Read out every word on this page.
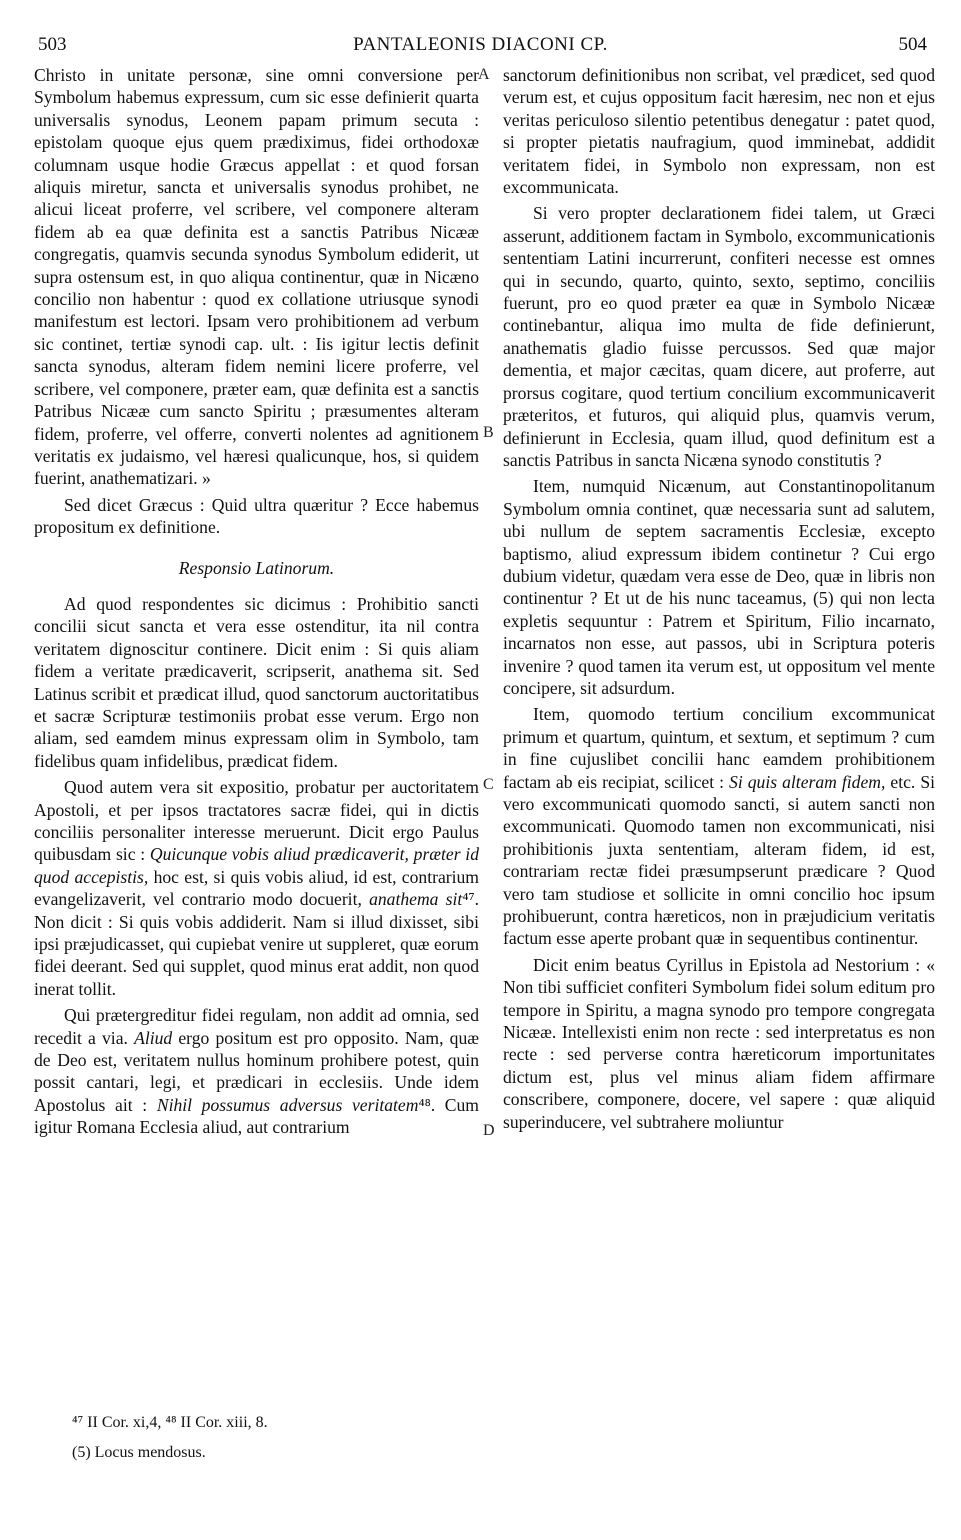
503	PANTALEONIS DIACONI CP.	504
A
B
C
D

Christo in unitate personæ, sine omni conversione per Symbolum habemus expressum, cum sic esse definierit quarta universalis synodus, Leonem papam primum secuta : epistolam quoque ejus quem prædiximus, fidei orthodoxæ columnam usque hodie Græcus appellat : et quod forsan aliquis miretur, sancta et universalis synodus prohibet, ne alicui liceat proferre, vel scribere, vel componere alteram fidem ab ea quæ definita est a sanctis Patribus Nicææ congregatis, quamvis secunda synodus Symbolum ediderit, ut supra ostensum est, in quo aliqua continentur, quæ in Nicæno concilio non habentur : quod ex collatione utriusque synodi manifestum est lectori. Ipsam vero prohibitionem ad verbum sic continet, tertiæ synodi cap. ult. : Iis igitur lectis definit sancta synodus, alteram fidem nemini licere proferre, vel scribere, vel componere, præter eam, quæ definita est a sanctis Patribus Nicææ cum sancto Spiritu ; præsumentes alteram fidem, proferre, vel offerre, converti nolentes ad agnitionem veritatis ex judaismo, vel hæresi qualicunque, hos, si quidem fuerint, anathematizari. »

Sed dicet Græcus : Quid ultra quæritur ? Ecce habemus propositum ex definitione.

Responsio Latinorum.

Ad quod respondentes sic dicimus : Prohibitio sancti concilii sicut sancta et vera esse ostenditur, ita nil contra veritatem dignoscitur continere. Dicit enim : Si quis aliam fidem a veritate prædicaverit, scripserit, anathema sit. Sed Latinus scribit et prædicat illud, quod sanctorum auctoritatibus et sacræ Scripturæ testimoniis probat esse verum. Ergo non aliam, sed eamdem minus expressam olim in Symbolo, tam fidelibus quam infidelibus, prædicat fidem.

Quod autem vera sit expositio, probatur per auctoritatem Apostoli, et per ipsos tractatores sacræ fidei, qui in dictis conciliis personaliter interesse meruerunt. Dicit ergo Paulus quibusdam sic : Quicunque vobis aliud prædicaverit, præter id quod accepistis, hoc est, si quis vobis aliud, id est, contrarium evangelizaverit, vel contrario modo docuerit, anathema sit⁴⁷. Non dicit : Si quis vobis addiderit. Nam si illud dixisset, sibi ipsi præjudicasset, qui cupiebat venire ut suppleret, quæ eorum fidei deerant. Sed qui supplet, quod minus erat addit, non quod inerat tollit.

Qui prætergreditur fidei regulam, non addit ad omnia, sed recedit a via. Aliud ergo positum est pro opposito. Nam, quæ de Deo est, veritatem nullus hominum prohibere potest, quin possit cantari, legi, et prædicari in ecclesiis. Unde idem Apostolus ait : Nihil possumus adversus veritatem⁴⁸. Cum igitur Romana Ecclesia aliud, aut contrarium

sanctorum definitionibus non scribat, vel prædicet, sed quod verum est, et cujus oppositum facit hæresim, nec non et ejus veritas periculoso silentio petentibus denegatur : patet quod, si propter pietatis naufragium, quod imminebat, addidit veritatem fidei, in Symbolo non expressam, non est excommunicata.

Si vero propter declarationem fidei talem, ut Græci asserunt, additionem factam in Symbolo, excommunicationis sententiam Latini incurrerunt, confiteri necesse est omnes qui in secundo, quarto, quinto, sexto, septimo, conciliis fuerunt, pro eo quod præter ea quæ in Symbolo Nicææ continebantur, aliqua imo multa de fide definierunt, anathematis gladio fuisse percussos. Sed quæ major dementia, et major cæcitas, quam dicere, aut proferre, aut prorsus cogitare, quod tertium concilium excommunicaverit præteritos, et futuros, qui aliquid plus, quamvis verum, definierunt in Ecclesia, quam illud, quod definitum est a sanctis Patribus in sancta Nicæna synodo constitutis ?

Item, numquid Nicænum, aut Constantinopolitanum Symbolum omnia continet, quæ necessaria sunt ad salutem, ubi nullum de septem sacramentis Ecclesiæ, excepto baptismo, aliud expressum ibidem continetur ? Cui ergo dubium videtur, quædam vera esse de Deo, quæ in libris non continentur ? Et ut de his nunc taceamus, (5) qui non lecta expletis sequuntur : Patrem et Spiritum, Filio incarnato, incarnatos non esse, aut passos, ubi in Scriptura poteris invenire ? quod tamen ita verum est, ut oppositum vel mente concipere, sit adsurdum.

Item, quomodo tertium concilium excommunicat primum et quartum, quintum, et sextum, et septimum ? cum in fine cujuslibet concilii hanc eamdem prohibitionem factam ab eis recipiat, scilicet : Si quis alteram fidem, etc. Si vero excommunicati quomodo sancti, si autem sancti non excommunicati. Quomodo tamen non excommunicati, nisi prohibitionis juxta sententiam, alteram fidem, id est, contrariam rectæ fidei præsumpserunt prædicare ? Quod vero tam studiose et sollicite in omni concilio hoc ipsum prohibuerunt, contra hæreticos, non in præjudicium veritatis factum esse aperte probant quæ in sequentibus continentur.

Dicit enim beatus Cyrillus in Epistola ad Nestorium : « Non tibi sufficiet confiteri Symbolum fidei solum editum pro tempore in Spiritu, a magna synodo pro tempore congregata Nicææ. Intellexisti enim non recte : sed interpretatus es non recte : sed perverse contra hæreticorum importunitates dictum est, plus vel minus aliam fidem affirmare conscribere, componere, docere, vel sapere : quæ aliquid superinducere, vel subtrahere moliuntur

⁴⁷ II Cor. xi,4, ⁴⁸ II Cor. xiii, 8.
(5) Locus mendosus.
